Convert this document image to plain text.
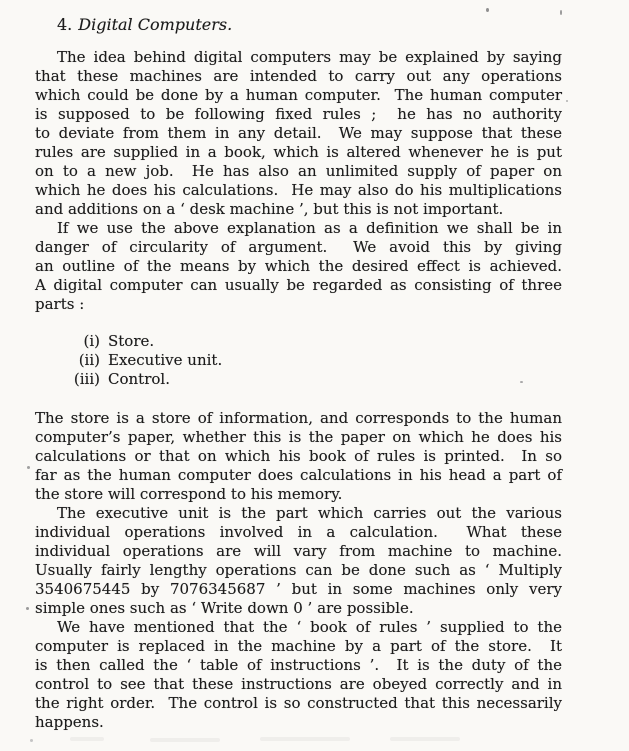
4. Digital Computers.
The idea behind digital computers may be explained by saying
that these machines are intended to carry out any operations
which could be done by a human computer.  The human computer
is supposed to be following fixed rules ;  he has no authority
to deviate from them in any detail.  We may suppose that these
rules are supplied in a book, which is altered whenever he is put
on to a new job.  He has also an unlimited supply of paper on
which he does his calculations.  He may also do his multiplications
and additions on a ‘ desk machine ’, but this is not important.
If we use the above explanation as a definition we shall be in
danger of circularity of argument.  We avoid this by giving
an outline of the means by which the desired effect is achieved.
A digital computer can usually be regarded as consisting of three
parts :
(i) Store.
(ii) Executive unit.
(iii) Control.
The store is a store of information, and corresponds to the human
computer’s paper, whether this is the paper on which he does his
calculations or that on which his book of rules is printed.  In so
far as the human computer does calculations in his head a part of
the store will correspond to his memory.
The executive unit is the part which carries out the various
individual operations involved in a calculation.  What these
individual operations are will vary from machine to machine.
Usually fairly lengthy operations can be done such as ‘ Multiply
3540675445 by 7076345687 ’ but in some machines only very
simple ones such as ‘ Write down 0 ’ are possible.
We have mentioned that the ‘ book of rules ’ supplied to the
computer is replaced in the machine by a part of the store.  It
is then called the ‘ table of instructions ’.  It is the duty of the
control to see that these instructions are obeyed correctly and in
the right order.  The control is so constructed that this necessarily
happens.
